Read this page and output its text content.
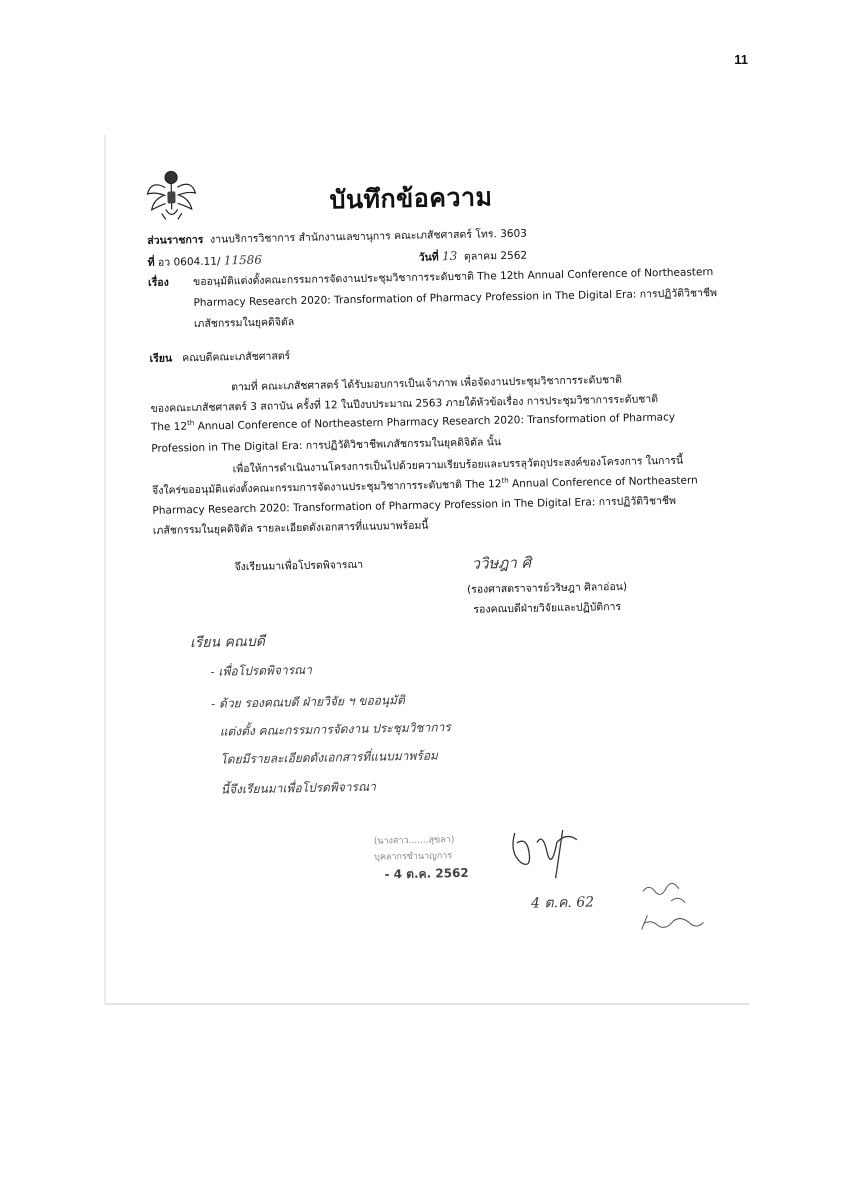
11
บันทึกข้อความ
ส่วนราชการ งานบริการวิชาการ สำนักงานเลขานุการ คณะเภสัชศาสตร์ โทร. 3603
ที่ อว 0604.11/ 11586	วันที่ 13 ตุลาคม 2562
เรื่อง ขออนุมัติแต่งตั้งคณะกรรมการจัดงานประชุมวิชาการระดับชาติ The 12th Annual Conference of Northeastern
Pharmacy Research 2020: Transformation of Pharmacy Profession in The Digital Era: การปฏิวัติวิชาชีพ
เภสัชกรรมในยุคดิจิตัล
เรียน คณบดีคณะเภสัชศาสตร์
ตามที่ คณะเภสัชศาสตร์ ได้รับมอบการเป็นเจ้าภาพ เพื่อจัดงานประชุมวิชาการระดับชาติ
ของคณะเภสัชศาสตร์ 3 สถาบัน ครั้งที่ 12 ในปีงบประมาณ 2563 ภายใต้หัวข้อเรื่อง การประชุมวิชาการระดับชาติ
The 12th Annual Conference of Northeastern Pharmacy Research 2020: Transformation of Pharmacy
Profession in The Digital Era: การปฏิวัติวิชาชีพเภสัชกรรมในยุคดิจิตัล นั้น
เพื่อให้การดำเนินงานโครงการเป็นไปด้วยความเรียบร้อยและบรรลุวัตถุประสงค์ของโครงการ ในการนี้
จึงใคร่ขออนุมัติแต่งตั้งคณะกรรมการจัดงานประชุมวิชาการระดับชาติ The 12th Annual Conference of Northeastern
Pharmacy Research 2020: Transformation of Pharmacy Profession in The Digital Era: การปฏิวัติวิชาชีพ
เภสัชกรรมในยุคดิจิตัล รายละเอียดดังเอกสารที่แนบมาพร้อมนี้
จึงเรียนมาเพื่อโปรดพิจารณา	ววิษฎา ศิ
(รองศาสตราจารย์วริษฎา ศิลาอ่อน)
รองคณบดีฝ่ายวิจัยและปฏิบัติการ
เรียน คณบดี
- เพื่อโปรดพิจารณา
- ด้วย รองคณบดี ฝ่ายวิจัย ฯ ขออนุมัติ
แต่งตั้ง คณะกรรมการจัดงาน ประชุมวิชาการ
โดยมีรายละเอียดดังเอกสารที่แนบมาพร้อม
นี้จึงเรียนมาเพื่อโปรดพิจารณา
(นางสาว.......สุขลา)
บุคลากรชำนาญการ
- 4 ต.ค. 2562
4 ต.ค. 62
